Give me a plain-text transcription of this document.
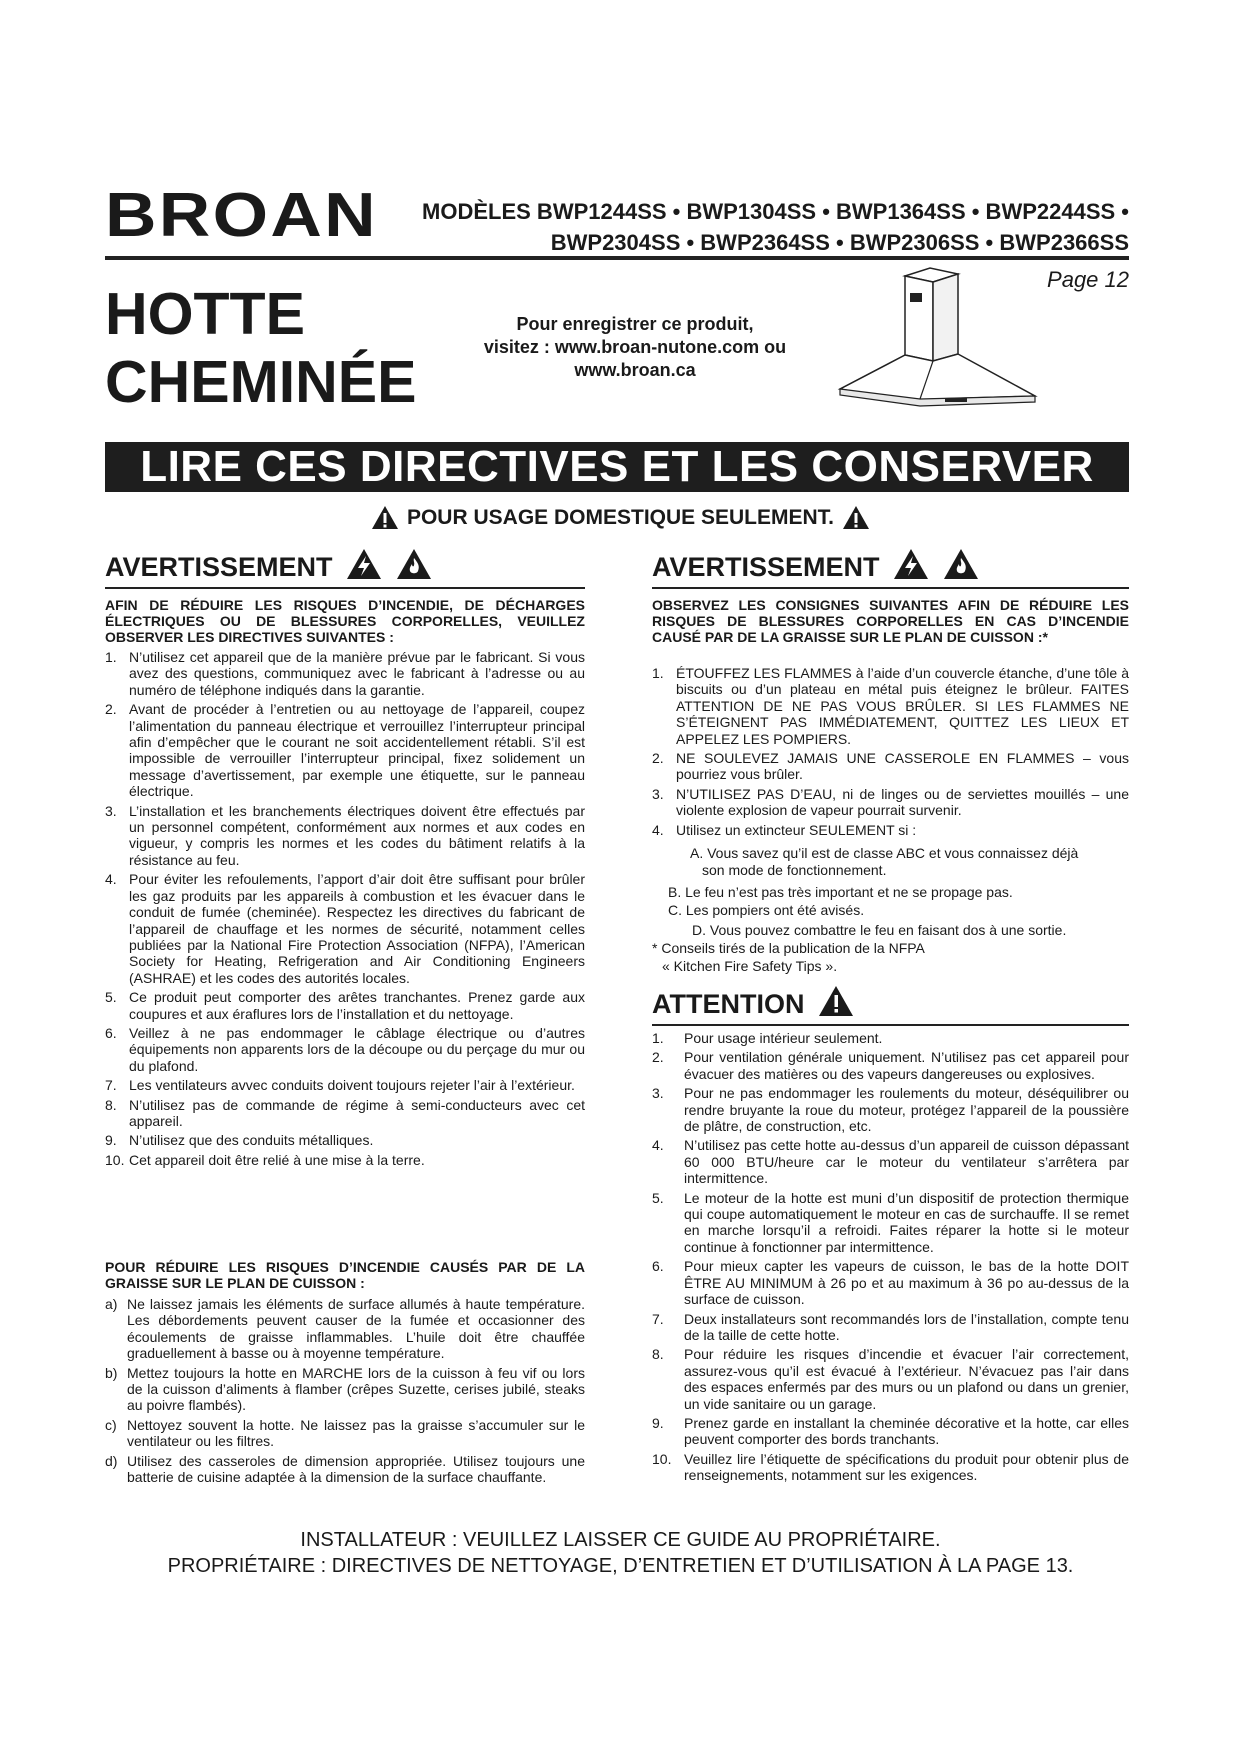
BROAN MODÈLES BWP1244SS • BWP1304SS • BWP1364SS • BWP2244SS •
BWP2304SS • BWP2364SS • BWP2306SS • BWP2366SS
Page 12
HOTTE
CHEMINÉE
Pour enregistrer ce produit,
visitez : www.broan-nutone.com ou
www.broan.ca
LIRE CES DIRECTIVES ET LES CONSERVER
POUR USAGE DOMESTIQUE SEULEMENT.
AVERTISSEMENT
AFIN DE RÉDUIRE LES RISQUES D’INCENDIE, DE DÉCHARGES ÉLECTRIQUES OU DE BLESSURES CORPORELLES, VEUILLEZ OBSERVER LES DIRECTIVES SUIVANTES :
1. N’utilisez cet appareil que de la manière prévue par le fabricant. Si vous avez des questions, communiquez avec le fabricant à l’adresse ou au numéro de téléphone indiqués dans la garantie.
2. Avant de procéder à l’entretien ou au nettoyage de l’appareil, coupez l’alimentation du panneau électrique et verrouillez l’interrupteur principal afin d’empêcher que le courant ne soit accidentellement rétabli. S’il est impossible de verrouiller l’interrupteur principal, fixez solidement un message d’avertissement, par exemple une étiquette, sur le panneau électrique.
3. L’installation et les branchements électriques doivent être effectués par un personnel compétent, conformément aux normes et aux codes en vigueur, y compris les normes et les codes du bâtiment relatifs à la résistance au feu.
4. Pour éviter les refoulements, l’apport d’air doit être suffisant pour brûler les gaz produits par les appareils à combustion et les évacuer dans le conduit de fumée (cheminée). Respectez les directives du fabricant de l’appareil de chauffage et les normes de sécurité, notamment celles publiées par la National Fire Protection Association (NFPA), l’American Society for Heating, Refrigeration and Air Conditioning Engineers (ASHRAE) et les codes des autorités locales.
5. Ce produit peut comporter des arêtes tranchantes. Prenez garde aux coupures et aux éraflures lors de l’installation et du nettoyage.
6. Veillez à ne pas endommager le câblage électrique ou d’autres équipements non apparents lors de la découpe ou du perçage du mur ou du plafond.
7. Les ventilateurs avvec conduits doivent toujours rejeter l’air à l’extérieur.
8. N’utilisez pas de commande de régime à semi-conducteurs avec cet appareil.
9. N’utilisez que des conduits métalliques.
10. Cet appareil doit être relié à une mise à la terre.
POUR RÉDUIRE LES RISQUES D’INCENDIE CAUSÉS PAR DE LA GRAISSE SUR LE PLAN DE CUISSON :
a) Ne laissez jamais les éléments de surface allumés à haute température. Les débordements peuvent causer de la fumée et occasionner des écoulements de graisse inflammables. L’huile doit être chauffée graduellement à basse ou à moyenne température.
b) Mettez toujours la hotte en MARCHE lors de la cuisson à feu vif ou lors de la cuisson d’aliments à flamber (crêpes Suzette, cerises jubilé, steaks au poivre flambés).
c) Nettoyez souvent la hotte. Ne laissez pas la graisse s’accumuler sur le ventilateur ou les filtres.
d) Utilisez des casseroles de dimension appropriée. Utilisez toujours une batterie de cuisine adaptée à la dimension de la surface chauffante.
AVERTISSEMENT
OBSERVEZ LES CONSIGNES SUIVANTES AFIN DE RÉDUIRE LES RISQUES DE BLESSURES CORPORELLES EN CAS D’INCENDIE CAUSÉ PAR DE LA GRAISSE SUR LE PLAN DE CUISSON :*
1. ÉTOUFFEZ LES FLAMMES à l’aide d’un couvercle étanche, d’une tôle à biscuits ou d’un plateau en métal puis éteignez le brûleur. FAITES ATTENTION DE NE PAS VOUS BRÛLER. SI LES FLAMMES NE S’ÉTEIGNENT PAS IMMÉDIATEMENT, QUITTEZ LES LIEUX ET APPELEZ LES POMPIERS.
2. NE SOULEVEZ JAMAIS UNE CASSEROLE EN FLAMMES – vous pourriez vous brûler.
3. N’UTILISEZ PAS D’EAU, ni de linges ou de serviettes mouillés – une violente explosion de vapeur pourrait survenir.
4. Utilisez un extincteur SEULEMENT si :
A. Vous savez qu’il est de classe ABC et vous connaissez déjà
son mode de fonctionnement.
B. Le feu n’est pas très important et ne se propage pas.
C. Les pompiers ont été avisés.
D. Vous pouvez combattre le feu en faisant dos à une sortie.
* Conseils tirés de la publication de la NFPA
« Kitchen Fire Safety Tips ».
ATTENTION
1.	Pour usage intérieur seulement.
2.	Pour ventilation générale uniquement. N’utilisez pas cet appareil pour évacuer des matières ou des vapeurs dangereuses ou explosives.
3.	Pour ne pas endommager les roulements du moteur, déséquilibrer ou rendre bruyante la roue du moteur, protégez l’appareil de la poussière de plâtre, de construction, etc.
4.	N’utilisez pas cette hotte au-dessus d’un appareil de cuisson dépassant 60 000 BTU/heure car le moteur du ventilateur s’arrêtera par intermittence.
5.	Le moteur de la hotte est muni d’un dispositif de protection thermique qui coupe automatiquement le moteur en cas de surchauffe. Il se remet en marche lorsqu’il a refroidi. Faites réparer la hotte si le moteur continue à fonctionner par intermittence.
6.	Pour mieux capter les vapeurs de cuisson, le bas de la hotte DOIT ÊTRE AU MINIMUM à 26 po et au maximum à 36 po au-dessus de la surface de cuisson.
7.	Deux installateurs sont recommandés lors de l’installation, compte tenu de la taille de cette hotte.
8.	Pour réduire les risques d’incendie et évacuer l’air correctement, assurez-vous qu’il est évacué à l’extérieur. N’évacuez pas l’air dans des espaces enfermés par des murs ou un plafond ou dans un grenier, un vide sanitaire ou un garage.
9.	Prenez garde en installant la cheminée décorative et la hotte, car elles peuvent comporter des bords tranchants.
10. Veuillez lire l’étiquette de spécifications du produit pour obtenir plus de renseignements, notamment sur les exigences.
INSTALLATEUR : VEUILLEZ LAISSER CE GUIDE AU PROPRIÉTAIRE.
PROPRIÉTAIRE : DIRECTIVES DE NETTOYAGE, D’ENTRETIEN ET D’UTILISATION À LA PAGE 13.
